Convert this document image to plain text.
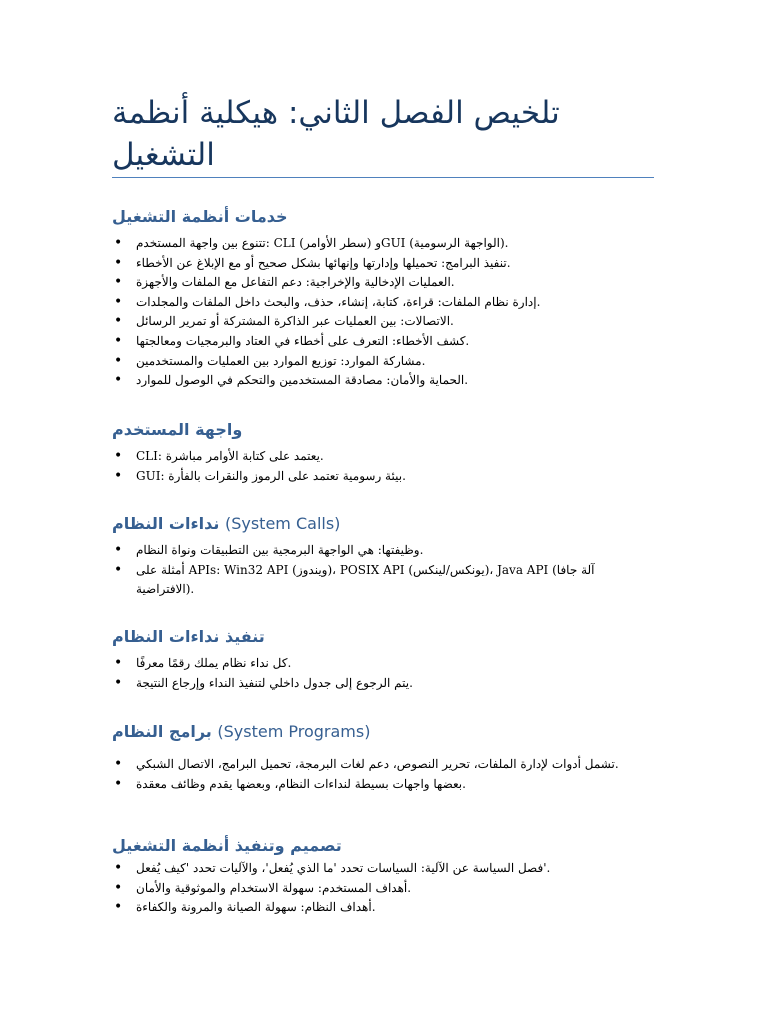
تلخيص الفصل الثاني: هيكلية أنظمة التشغيل
خدمات أنظمة التشغيل
• تتنوع بين واجهة المستخدم: CLI (سطر الأوامر) وGUI (الواجهة الرسومية).
• تنفيذ البرامج: تحميلها وإدارتها وإنهائها بشكل صحيح أو مع الإبلاغ عن الأخطاء.
• العمليات الإدخالية والإخراجية: دعم التفاعل مع الملفات والأجهزة.
• إدارة نظام الملفات: قراءة، كتابة، إنشاء، حذف، والبحث داخل الملفات والمجلدات.
• الاتصالات: بين العمليات عبر الذاكرة المشتركة أو تمرير الرسائل.
• كشف الأخطاء: التعرف على أخطاء في العتاد والبرمجيات ومعالجتها.
• مشاركة الموارد: توزيع الموارد بين العمليات والمستخدمين.
• الحماية والأمان: مصادقة المستخدمين والتحكم في الوصول للموارد.
واجهة المستخدم
• CLI: يعتمد على كتابة الأوامر مباشرة.
• GUI: بيئة رسومية تعتمد على الرموز والنقرات بالفأرة.
نداءات النظام (System Calls)
• وظيفتها: هي الواجهة البرمجية بين التطبيقات ونواة النظام.
• أمثلة على APIs: Win32 API (ويندوز)، POSIX API (يونكس/لينكس)، Java API (آلة جافا الافتراضية).
تنفيذ نداءات النظام
• كل نداء نظام يملك رقمًا معرفًا.
• يتم الرجوع إلى جدول داخلي لتنفيذ النداء وإرجاع النتيجة.
برامج النظام (System Programs)
• تشمل أدوات لإدارة الملفات، تحرير النصوص، دعم لغات البرمجة، تحميل البرامج، الاتصال الشبكي.
• بعضها واجهات بسيطة لنداءات النظام، وبعضها يقدم وظائف معقدة.
تصميم وتنفيذ أنظمة التشغيل
• فصل السياسة عن الآلية: السياسات تحدد 'ما الذي يُفعل'، والآليات تحدد 'كيف يُفعل'.
• أهداف المستخدم: سهولة الاستخدام والموثوقية والأمان.
• أهداف النظام: سهولة الصيانة والمرونة والكفاءة.
